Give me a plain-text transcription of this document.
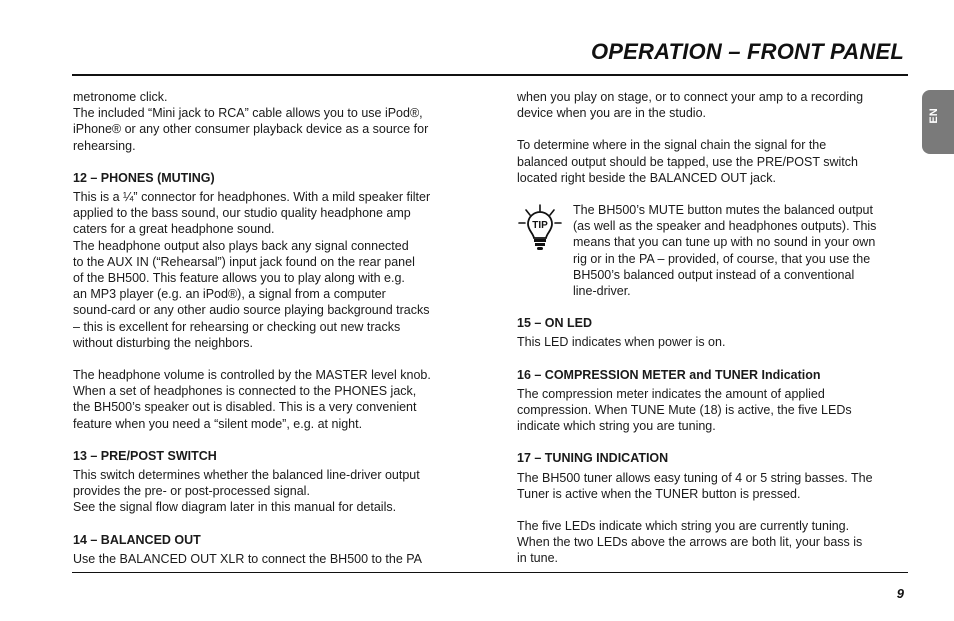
OPERATION – FRONT PANEL
EN

metronome click.
The included “Mini jack to RCA” cable allows you to use iPod®,
iPhone® or any other consumer playback device as a source for
rehearsing.

12 – PHONES (MUTING)

This is a ¼” connector for headphones. With a mild speaker filter
applied to the bass sound, our studio quality headphone amp
caters for a great headphone sound.
The headphone output also plays back any signal connected
to the AUX IN (“Rehearsal”) input jack found on the rear panel
of the BH500. This feature allows you to play along with e.g.
an MP3 player (e.g. an iPod®), a signal from a computer
sound-card or any other audio source playing background tracks
– this is excellent for rehearsing or checking out new tracks
without disturbing the neighbors.

The headphone volume is controlled by the MASTER level knob.
When a set of headphones is connected to the PHONES jack,
the BH500’s speaker out is disabled. This is a very convenient
feature when you need a “silent mode”, e.g. at night.

13 – PRE/POST SWITCH

This switch determines whether the balanced line-driver output
provides the pre- or post-processed signal.
See the signal flow diagram later in this manual for details.

14 – BALANCED OUT

Use the BALANCED OUT XLR to connect the BH500 to the PA

when you play on stage, or to connect your amp to a recording
device when you are in the studio.

To determine where in the signal chain the signal for the
balanced output should be tapped, use the PRE/POST switch
located right beside the BALANCED OUT jack.

TIP

The BH500’s MUTE button mutes the balanced output
(as well as the speaker and headphones outputs). This
means that you can tune up with no sound in your own
rig or in the PA – provided, of course, that you use the
BH500’s balanced output instead of a conventional
line-driver.

15 – ON LED

This LED indicates when power is on.

16 – COMPRESSION METER and TUNER Indication

The compression meter indicates the amount of applied
compression. When TUNE Mute (18) is active, the five LEDs
indicate which string you are tuning.

17 – TUNING INDICATION

The BH500 tuner allows easy tuning of 4 or 5 string basses. The
Tuner is active when the TUNER button is pressed.

The five LEDs indicate which string you are currently tuning.
When the two LEDs above the arrows are both lit, your bass is
in tune.

9
